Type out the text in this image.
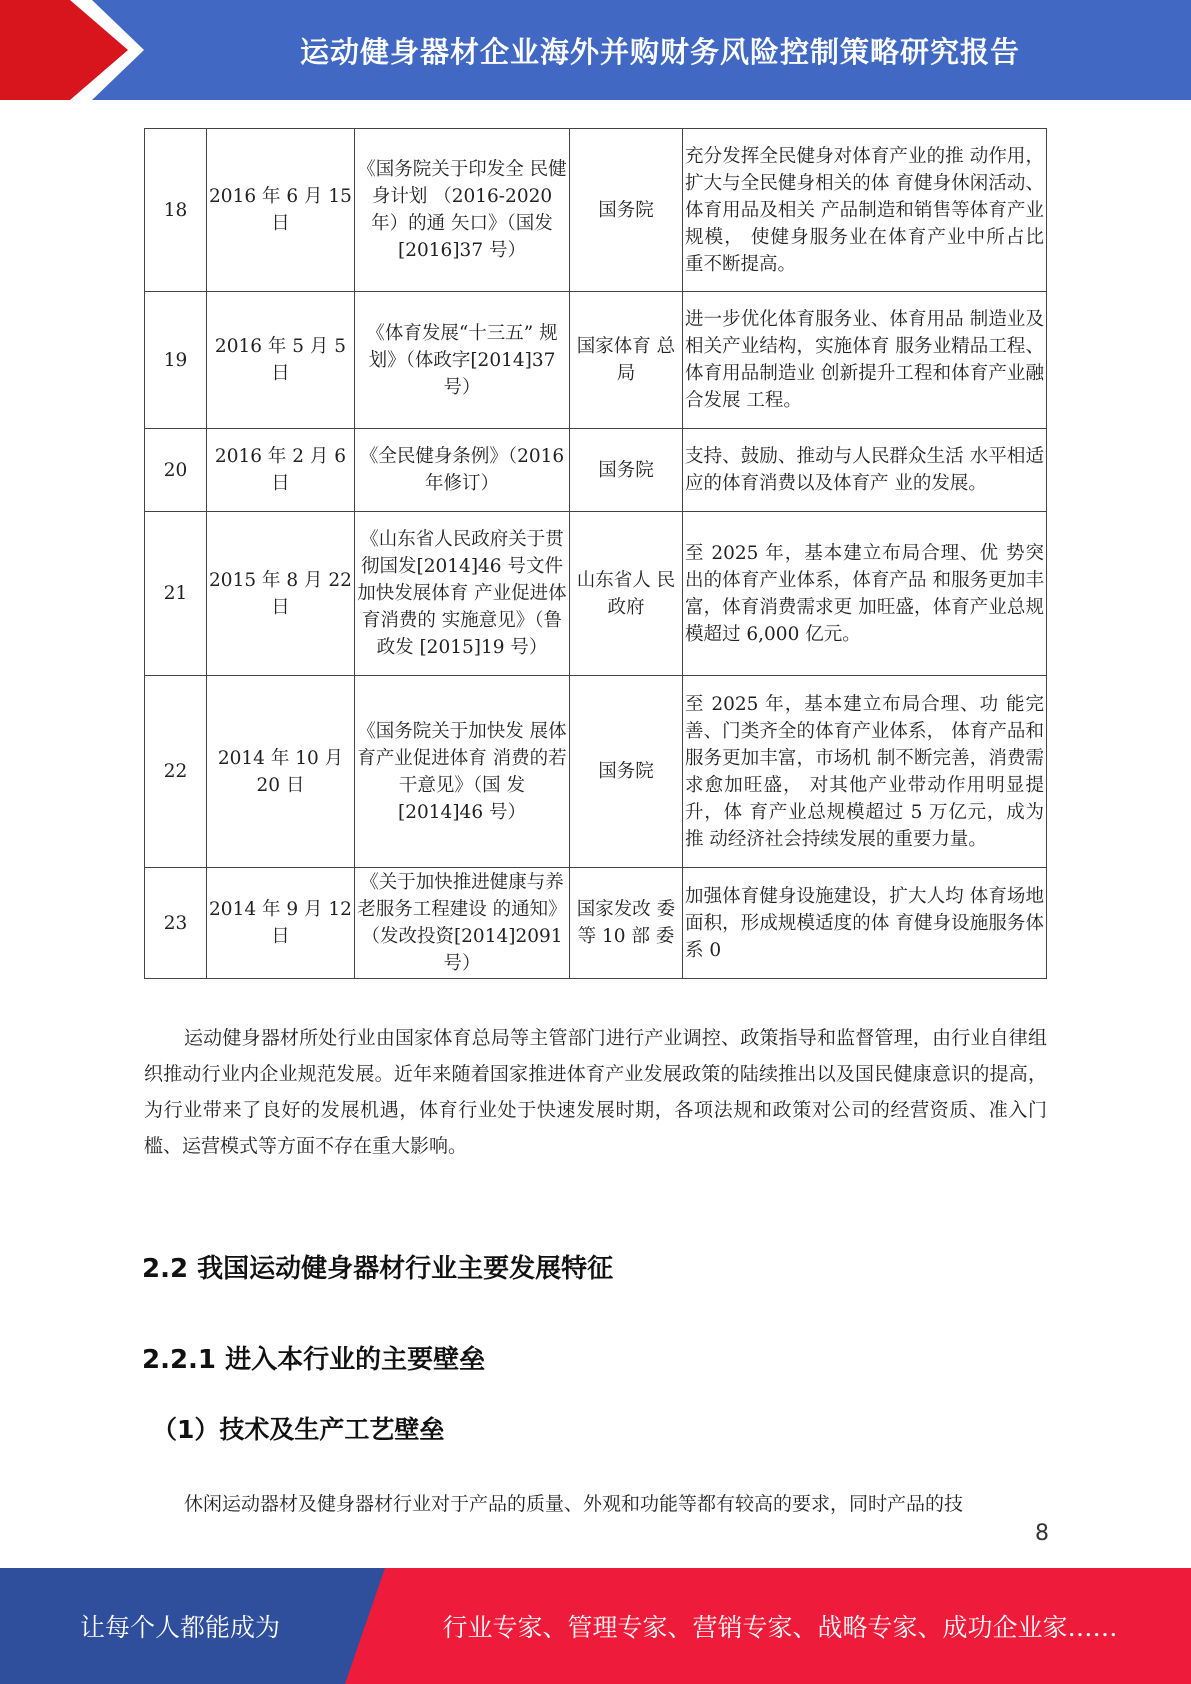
运动健身器材企业海外并购财务风险控制策略研究报告
18	2016 年 6 月 15 日	《国务院关于印发全 民健身计划 （2016-2020 年）的通 矢口》（国发[2016]37 号）	国务院	充分发挥全民健身对体育产业的推 动作用，扩大与全民健身相关的体 育健身休闲活动、体育用品及相关 产品制造和销售等体育产业规模， 使健身服务业在体育产业中所占比 重不断提高。
19	2016 年 5 月 5 日	《体育发展“十三五” 规划》（体政字[2014]37 号）	国家体育 总局	进一步优化体育服务业、体育用品 制造业及相关产业结构，实施体育 服务业精品工程、体育用品制造业 创新提升工程和体育产业融合发展 工程。
20	2016 年 2 月 6 日	《全民健身条例》（2016 年修订）	国务院	支持、鼓励、推动与人民群众生活 水平相适应的体育消费以及体育产 业的发展。
21	2015 年 8 月 22 日	《山东省人民政府关于贯彻国发[2014]46 号文件加快发展体育 产业促进体育消费的 实施意见》（鲁政发 [2015]19 号）	山东省人 民政府	至 2025 年，基本建立布局合理、优 势突出的体育产业体系，体育产品 和服务更加丰富，体育消费需求更 加旺盛，体育产业总规模超过 6,000 亿元。
22	2014 年 10 月 20 日	《国务院关于加快发 展体育产业促进体育 消费的若干意见》（国 发[2014]46 号）	国务院	至 2025 年，基本建立布局合理、功 能完善、门类齐全的体育产业体系， 体育产品和服务更加丰富，市场机 制不断完善，消费需求愈加旺盛， 对其他产业带动作用明显提升，体 育产业总规模超过 5 万亿元，成为推 动经济社会持续发展的重要力量。
23	2014 年 9 月 12 日	《关于加快推进健康与养老服务工程建设 的通知》（发改投资[2014]2091 号）	国家发改 委等 10 部 委	加强体育健身设施建设，扩大人均 体育场地面积，形成规模适度的体 育健身设施服务体系 0

运动健身器材所处行业由国家体育总局等主管部门进行产业调控、政策指导和监督管理，由行业自律组织推动行业内企业规范发展。近年来随着国家推进体育产业发展政策的陆续推出以及国民健康意识的提高，为行业带来了良好的发展机遇，体育行业处于快速发展时期，各项法规和政策对公司的经营资质、准入门槛、运营模式等方面不存在重大影响。

2.2 我国运动健身器材行业主要发展特征
2.2.1 进入本行业的主要壁垒
（1）技术及生产工艺壁垒

休闲运动器材及健身器材行业对于产品的质量、外观和功能等都有较高的要求，同时产品的技

8
让每个人都能成为	行业专家、管理专家、营销专家、战略专家、成功企业家……
